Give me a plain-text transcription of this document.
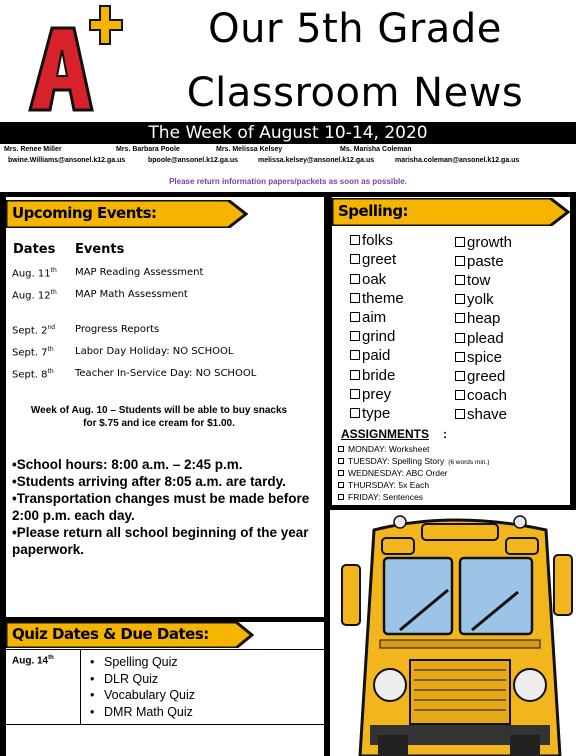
Our 5th Grade
Classroom News
The Week of August 10-14, 2020
Mrs. Renee Miller	Mrs. Barbara Poole	Mrs. Melissa Kelsey	Ms. Marisha Coleman
bwine.Williams@ansonel.k12.ga.us	bpoole@ansonel.k12.ga.us	melissa.kelsey@ansonel.k12.ga.us	marisha.coleman@ansonel.k12.ga.us
Please return information papers/packets as soon as possible.
Upcoming Events:
Dates Events
Aug. 11th MAP Reading Assessment
Aug. 12th MAP Math Assessment
Sept. 2nd Progress Reports
Sept. 7th Labor Day Holiday: NO SCHOOL
Sept. 8th Teacher In-Service Day: NO SCHOOL
Week of Aug. 10 – Students will be able to buy snacks
for $.75 and ice cream for $1.00.
•School hours: 8:00 a.m. – 2:45 p.m.
•Students arriving after 8:05 a.m. are tardy.
•Transportation changes must be made before 2:00 p.m. each day.
•Please return all school beginning of the year paperwork.
Spelling:
folks
greet
oak
theme
aim
grind
paid
bride
prey
type
growth
paste
tow
yolk
heap
plead
spice
greed
coach
shave
ASSIGNMENTS :
MONDAY: Worksheet
TUESDAY: Spelling Story (6 words min.)
WEDNESDAY: ABC Order
THURSDAY: 5x Each
FRIDAY: Sentences
Quiz Dates & Due Dates:
Aug. 14th
•	Spelling Quiz
• DLR Quiz
• Vocabulary Quiz
• DMR Math Quiz
